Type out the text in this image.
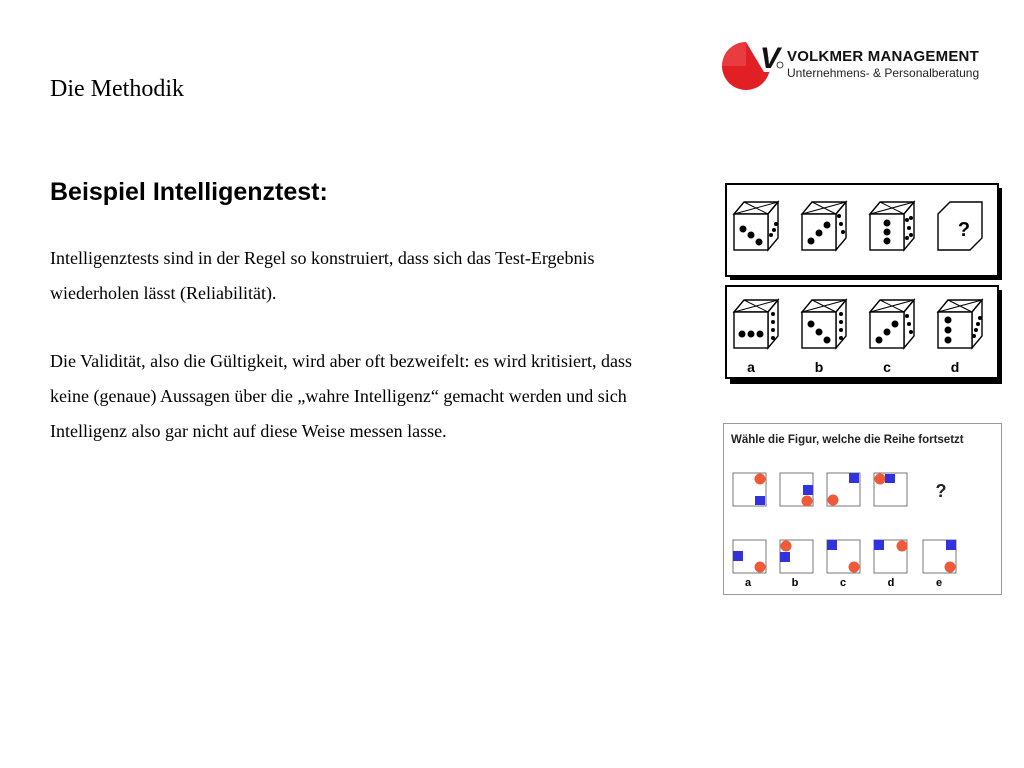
Die Methodik
V VOLKMER MANAGEMENT
Unternehmens- & Personalberatung
Beispiel Intelligenztest:

Intelligenztests sind in der Regel so konstruiert, dass sich das Test-Ergebnis wiederholen lässt (Reliabilität).

Die Validität, also die Gültigkeit, wird aber oft bezweifelt: es wird kritisiert, dass keine (genaue) Aussagen über die „wahre Intelligenz“ gemacht werden und sich Intelligenz also gar nicht auf diese Weise messen lasse.

?
a	b	c	d
Wähle die Figur, welche die Reihe fortsetzt
?
a	b	c	d	e
